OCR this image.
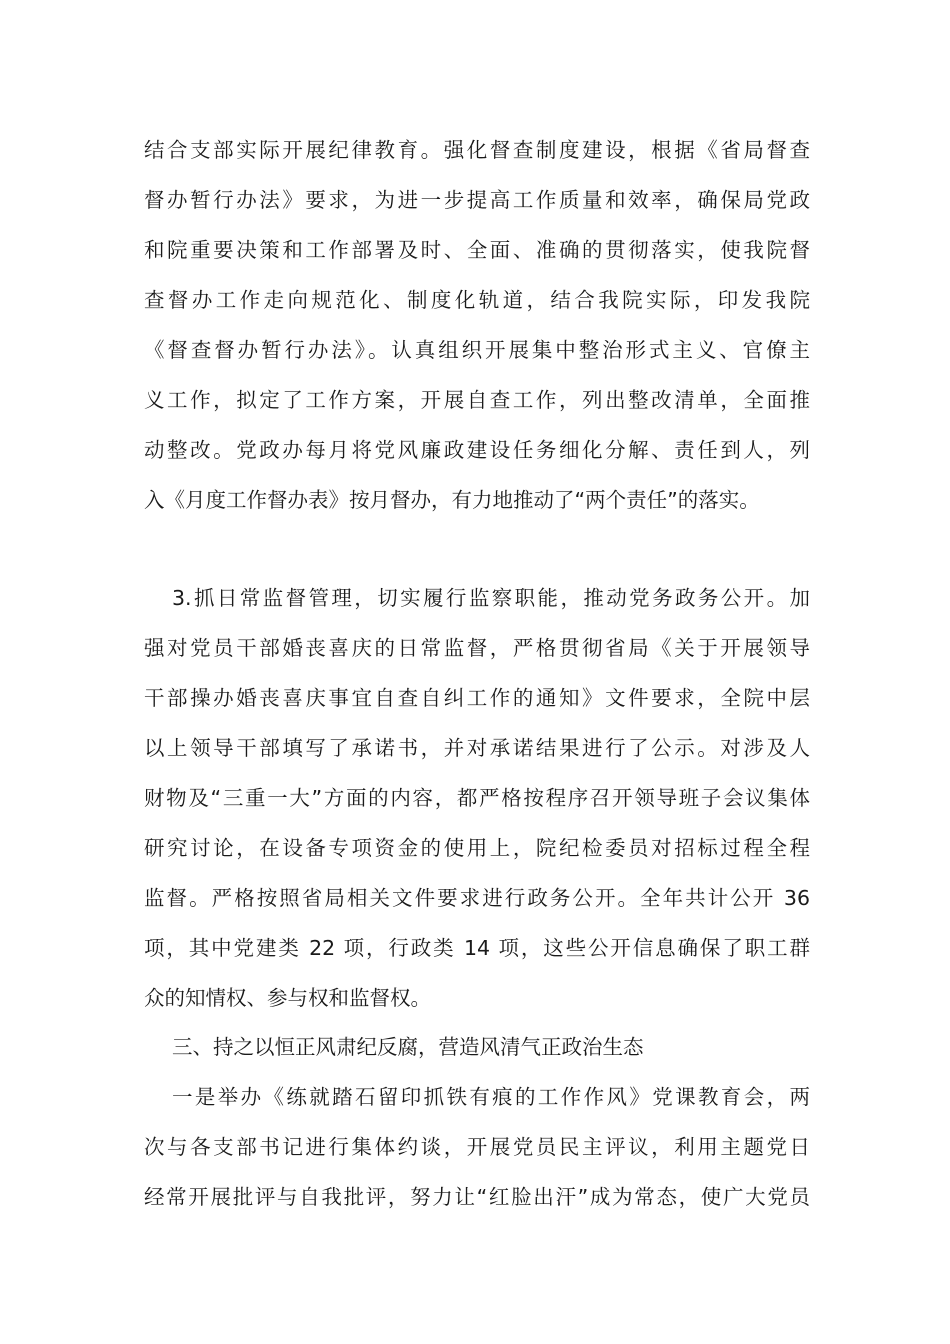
结合支部实际开展纪律教育。强化督查制度建设，根据《省局督查
督办暂行办法》要求，为进一步提高工作质量和效率，确保局党政
和院重要决策和工作部署及时、全面、准确的贯彻落实，使我院督
查督办工作走向规范化、制度化轨道，结合我院实际，印发我院
《督查督办暂行办法》。认真组织开展集中整治形式主义、官僚主
义工作，拟定了工作方案，开展自查工作，列出整改清单，全面推
动整改。党政办每月将党风廉政建设任务细化分解、责任到人，列
入《月度工作督办表》按月督办，有力地推动了“两个责任”的落实。
3.抓日常监督管理，切实履行监察职能，推动党务政务公开。加
强对党员干部婚丧喜庆的日常监督，严格贯彻省局《关于开展领导
干部操办婚丧喜庆事宜自查自纠工作的通知》文件要求，全院中层
以上领导干部填写了承诺书，并对承诺结果进行了公示。对涉及人
财物及“三重一大”方面的内容，都严格按程序召开领导班子会议集体
研究讨论，在设备专项资金的使用上，院纪检委员对招标过程全程
监督。严格按照省局相关文件要求进行政务公开。全年共计公开 36
项，其中党建类 22 项，行政类 14 项，这些公开信息确保了职工群
众的知情权、参与权和监督权。
三、持之以恒正风肃纪反腐，营造风清气正政治生态
一是举办《练就踏石留印抓铁有痕的工作作风》党课教育会，两
次与各支部书记进行集体约谈，开展党员民主评议，利用主题党日
经常开展批评与自我批评，努力让“红脸出汗”成为常态，使广大党员
